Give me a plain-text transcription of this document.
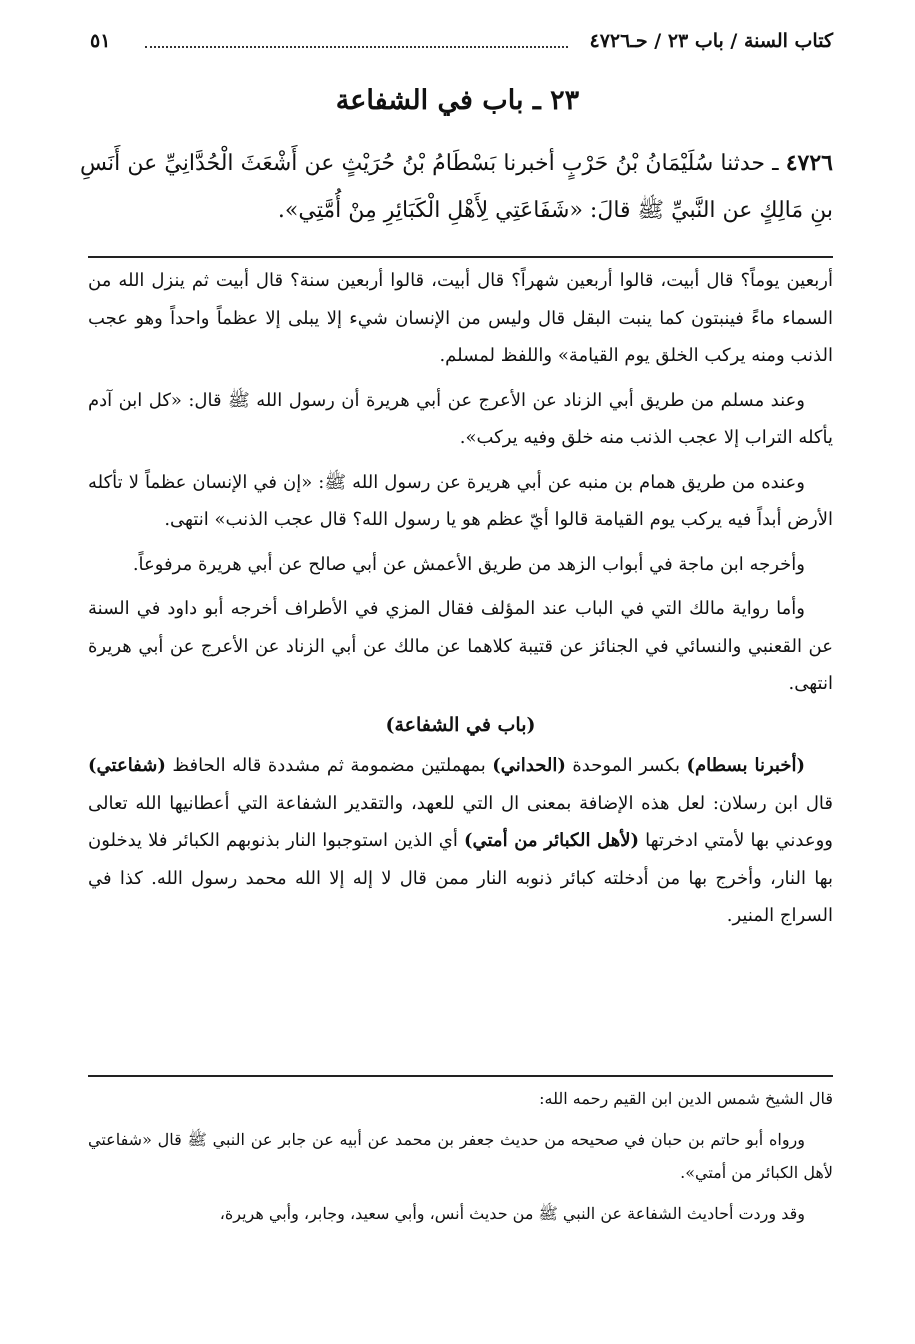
كتاب السنة / باب ٢٣ / حـ٤٧٢٦
٥١
٢٣ ـ باب في الشفاعة
٤٧٢٦ ـ حدثنا سُلَيْمَانُ بْنُ حَرْبٍ أخبرنا بَسْطَامُ بْنُ حُرَيْثٍ عن أَشْعَثَ الْحُدَّانِيِّ عن أَنَسِ بنِ مَالِكٍ عن النَّبيِّ ﷺ قالَ: «شَفَاعَتِي لِأَهْلِ الْكَبَائِرِ مِنْ أُمَّتِي».

أربعين يوماً؟ قال أبيت، قالوا أربعين شهراً؟ قال أبيت، قالوا أربعين سنة؟ قال أبيت ثم ينزل الله من السماء ماءً فينبتون كما ينبت البقل قال وليس من الإنسان شيء إلا يبلى إلا عظماً واحداً وهو عجب الذنب ومنه يركب الخلق يوم القيامة» واللفظ لمسلم.

وعند مسلم من طريق أبي الزناد عن الأعرج عن أبي هريرة أن رسول الله ﷺ قال: «كل ابن آدم يأكله التراب إلا عجب الذنب منه خلق وفيه يركب».

وعنده من طريق همام بن منبه عن أبي هريرة عن رسول الله ﷺ: «إن في الإنسان عظماً لا تأكله الأرض أبداً فيه يركب يوم القيامة قالوا أيّ عظم هو يا رسول الله؟ قال عجب الذنب» انتهى.

وأخرجه ابن ماجة في أبواب الزهد من طريق الأعمش عن أبي صالح عن أبي هريرة مرفوعاً.

وأما رواية مالك التي في الباب عند المؤلف فقال المزي في الأطراف أخرجه أبو داود في السنة عن القعنبي والنسائي في الجنائز عن قتيبة كلاهما عن مالك عن أبي الزناد عن الأعرج عن أبي هريرة انتهى.

(باب في الشفاعة)

(أخبرنا بسطام) بكسر الموحدة (الحداني) بمهملتين مضمومة ثم مشددة قاله الحافظ (شفاعتي) قال ابن رسلان: لعل هذه الإضافة بمعنى ال التي للعهد، والتقدير الشفاعة التي أعطانيها الله تعالى ووعدني بها لأمتي ادخرتها (لأهل الكبائر من أمتي) أي الذين استوجبوا النار بذنوبهم الكبائر فلا يدخلون بها النار، وأخرج بها من أدخلته كبائر ذنوبه النار ممن قال لا إله إلا الله محمد رسول الله. كذا في السراج المنير.

قال الشيخ شمس الدين ابن القيم رحمه الله:

ورواه أبو حاتم بن حبان في صحيحه من حديث جعفر بن محمد عن أبيه عن جابر عن النبي ﷺ قال «شفاعتي لأهل الكبائر من أمتي».

وقد وردت أحاديث الشفاعة عن النبي ﷺ من حديث أنس، وأبي سعيد، وجابر، وأبي هريرة،
